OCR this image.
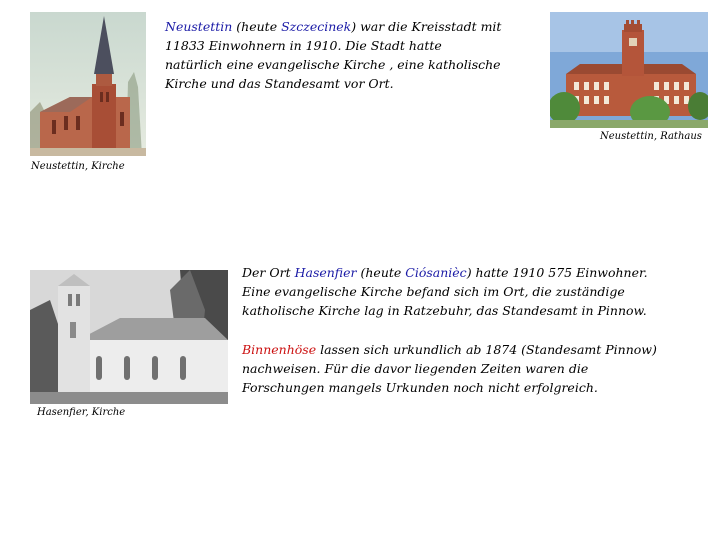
Neustettin, Kirche
Neustettin, Rathaus
Neustettin (heute Szczecinek) war die Kreisstadt mit
11833 Einwohnern in 1910. Die Stadt hatte
natürlich eine evangelische Kirche , eine katholische
Kirche und das Standesamt vor Ort.
Hasenfier, Kirche
Der Ort Hasenfier (heute Ciósanièc) hatte 1910 575 Einwohner.
Eine evangelische Kirche befand sich im Ort, die zuständige
katholische Kirche lag in Ratzebuhr, das Standesamt in Pinnow.
Binnenhöse lassen sich urkundlich ab 1874 (Standesamt Pinnow)
nachweisen. Für die davor liegenden Zeiten waren die
Forschungen mangels Urkunden noch nicht erfolgreich.
